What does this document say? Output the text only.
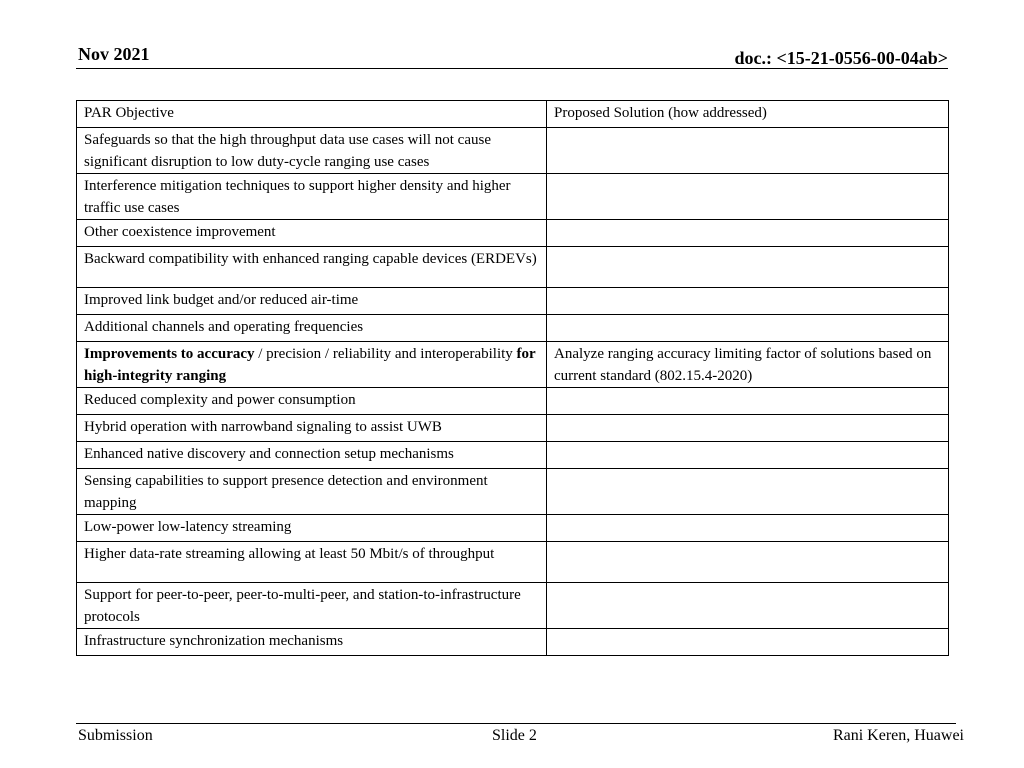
Nov 2021	doc.: <15-21-0556-00-04ab>
PAR Objective	Proposed Solution (how addressed)
Safeguards so that the high throughput data use cases will not cause significant disruption to low duty-cycle ranging use cases	
Interference mitigation techniques to support higher density and higher traffic use cases	
Other coexistence improvement	
Backward compatibility with enhanced ranging capable devices (ERDEVs)	
Improved link budget and/or reduced air-time	
Additional channels and operating frequencies	
Improvements to accuracy / precision / reliability and interoperability for high-integrity ranging	Analyze ranging accuracy limiting factor of solutions based on current standard (802.15.4-2020)
Reduced complexity and power consumption	
Hybrid operation with narrowband signaling to assist UWB	
Enhanced native discovery and connection setup mechanisms	
Sensing capabilities to support presence detection and environment mapping	
Low-power low-latency streaming	
Higher data-rate streaming allowing at least 50 Mbit/s of throughput	
Support for peer-to-peer, peer-to-multi-peer, and station-to-infrastructure protocols	
Infrastructure synchronization mechanisms	
Submission	Slide 2	Rani Keren, Huawei
